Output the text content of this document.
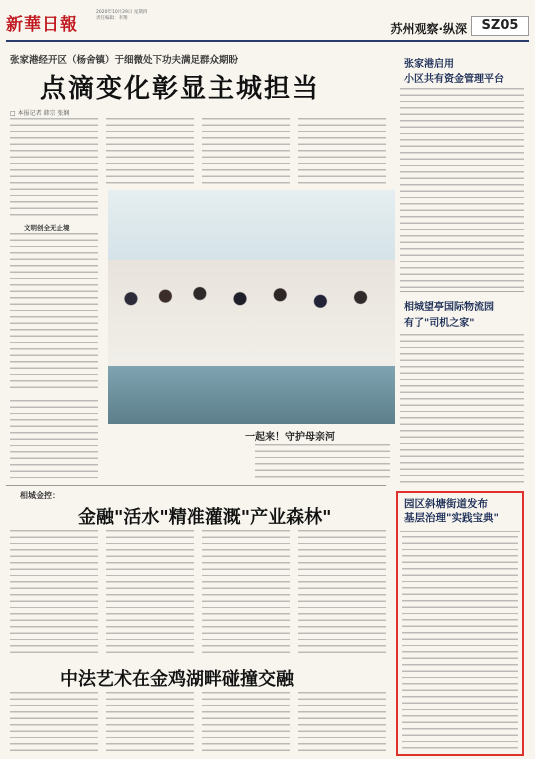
新華日報
2020年10月29日 星期四
责任编辑：李翔
苏州观察·纵深	SZ05
张家港经开区（杨舍镇）于细微处下功夫满足群众期盼
点滴变化彰显主城担当
□ 本报记者 韩宗 张娴
文明创全无止境
一起来！守护母亲河
张家港启用
小区共有资金管理平台
相城望亭国际物流园
有了"司机之家"
相城金控：
金融"活水"精准灌溉"产业森林"
中法艺术在金鸡湖畔碰撞交融
园区斜塘街道发布
基层治理"实践宝典"
